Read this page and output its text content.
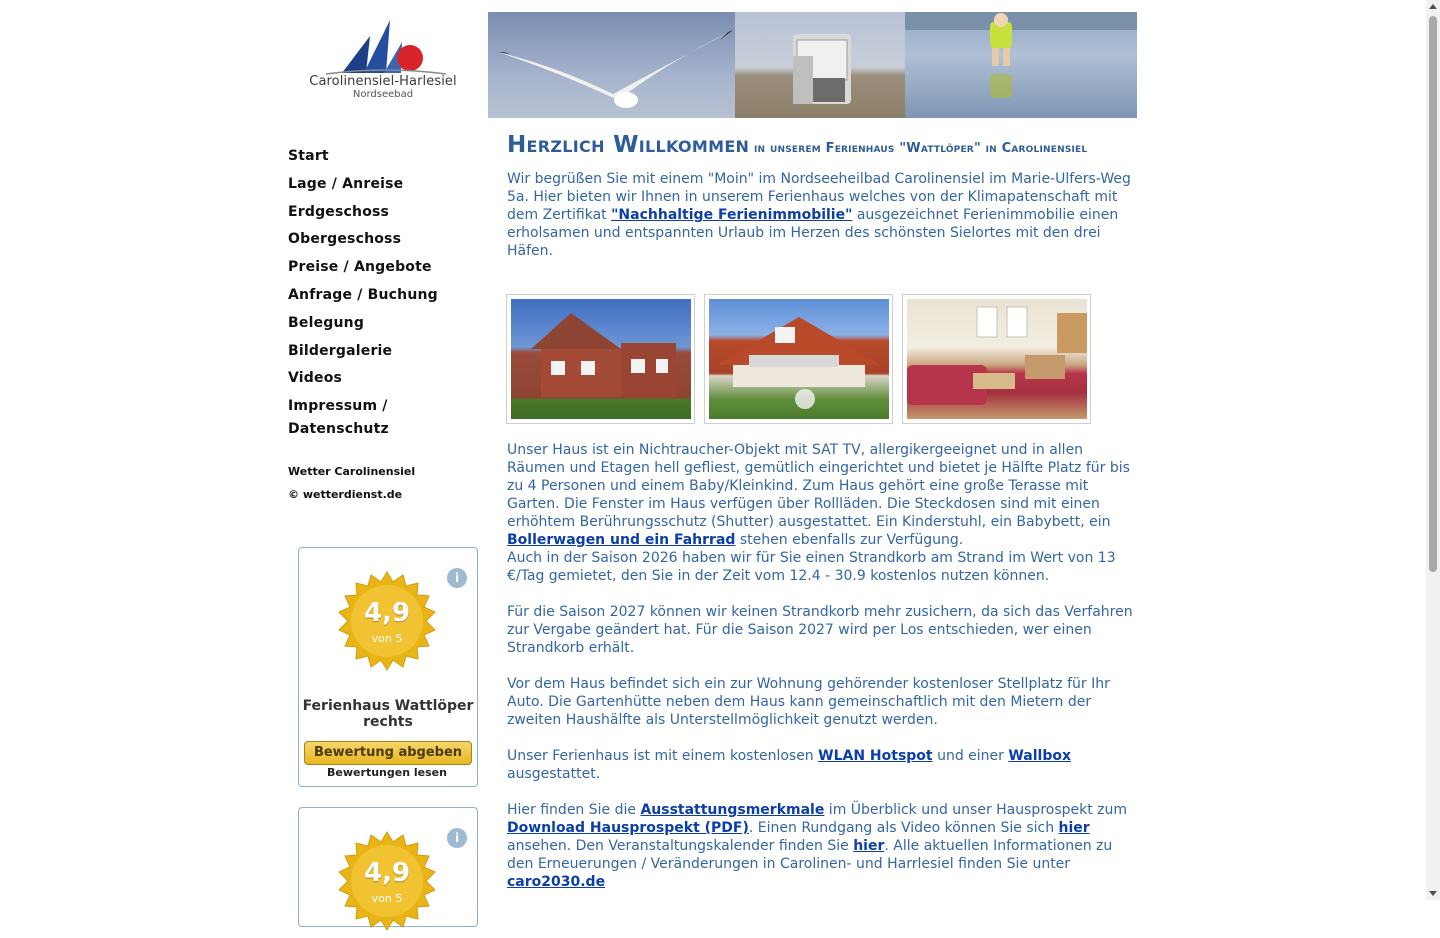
Carolinensiel-Harlesiel
Nordseebad
Start
Lage / Anreise
Erdgeschoss
Obergeschoss
Preise / Angebote
Anfrage / Buchung
Belegung
Bildergalerie
Videos
Impressum / Datenschutz
Wetter Carolinensiel
© wetterdienst.de
i
4,9
von 5
Ferienhaus Wattlöper rechts
Bewertung abgeben
Bewertungen lesen
i
4,9
von 5
Herzlich Willkommen in unserem Ferienhaus "Wattlöper" in Carolinensiel
Wir begrüßen Sie mit einem "Moin" im Nordseeheilbad Carolinensiel im Marie-Ulfers-Weg 5a. Hier bieten wir Ihnen in unserem Ferienhaus welches von der Klimapatenschaft mit dem Zertifikat "Nachhaltige Ferienimmobilie" ausgezeichnet Ferienimmobilie einen erholsamen und entspannten Urlaub im Herzen des schönsten Sielortes mit den drei Häfen.

Unser Haus ist ein Nichtraucher-Objekt mit SAT TV, allergikergeeignet und in allen Räumen und Etagen hell gefliest, gemütlich eingerichtet und bietet je Hälfte Platz für bis zu 4 Personen und einem Baby/Kleinkind. Zum Haus gehört eine große Terasse mit Garten. Die Fenster im Haus verfügen über Rollläden. Die Steckdosen sind mit einen erhöhtem Berührungsschutz (Shutter) ausgestattet. Ein Kinderstuhl, ein Babybett, ein Bollerwagen und ein Fahrrad stehen ebenfalls zur Verfügung.
Auch in der Saison 2026 haben wir für Sie einen Strandkorb am Strand im Wert von 13 €/Tag gemietet, den Sie in der Zeit vom 12.4 - 30.9 kostenlos nutzen können.

Für die Saison 2027 können wir keinen Strandkorb mehr zusichern, da sich das Verfahren zur Vergabe geändert hat. Für die Saison 2027 wird per Los entschieden, wer einen Strandkorb erhält.

Vor dem Haus befindet sich ein zur Wohnung gehörender kostenloser Stellplatz für Ihr Auto. Die Gartenhütte neben dem Haus kann gemeinschaftlich mit den Mietern der zweiten Haushälfte als Unterstellmöglichkeit genutzt werden.

Unser Ferienhaus ist mit einem kostenlosen WLAN Hotspot und einer Wallbox ausgestattet.

Hier finden Sie die Ausstattungsmerkmale im Überblick und unser Hausprospekt zum Download Hausprospekt (PDF). Einen Rundgang als Video können Sie sich hier ansehen. Den Veranstaltungskalender finden Sie hier. Alle aktuellen Informationen zu den Erneuerungen / Veränderungen in Carolinen- und Harrlesiel finden Sie unter caro2030.de
